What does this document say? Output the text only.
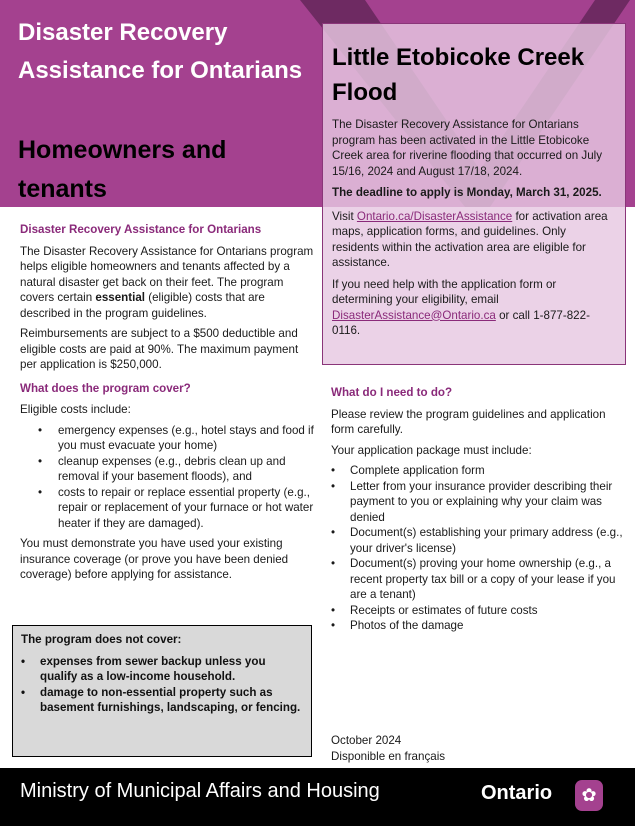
Disaster Recovery Assistance for Ontarians
Homeowners and tenants
Little Etobicoke Creek Flood

The Disaster Recovery Assistance for Ontarians program has been activated in the Little Etobicoke Creek area for riverine flooding that occurred on July 15/16, 2024 and August 17/18, 2024.

The deadline to apply is Monday, March 31, 2025.

Visit Ontario.ca/DisasterAssistance for activation area maps, application forms, and guidelines. Only residents within the activation area are eligible for assistance.

If you need help with the application form or determining your eligibility, email DisasterAssistance@Ontario.ca or call 1-877-822-0116.

Disaster Recovery Assistance for Ontarians

The Disaster Recovery Assistance for Ontarians program helps eligible homeowners and tenants affected by a natural disaster get back on their feet. The program covers certain essential (eligible) costs that are described in the program guidelines.

Reimbursements are subject to a $500 deductible and eligible costs are paid at 90%. The maximum payment per application is $250,000.

What does the program cover?

Eligible costs include:

• emergency expenses (e.g., hotel stays and food if you must evacuate your home)
• cleanup expenses (e.g., debris clean up and removal if your basement floods), and
• costs to repair or replace essential property (e.g., repair or replacement of your furnace or hot water heater if they are damaged).

You must demonstrate you have used your existing insurance coverage (or prove you have been denied coverage) before applying for assistance.

The program does not cover:

• expenses from sewer backup unless you qualify as a low-income household.
• damage to non-essential property such as basement furnishings, landscaping, or fencing.
What do I need to do?

Please review the program guidelines and application form carefully.

Your application package must include:

• Complete application form
• Letter from your insurance provider describing their payment to you or explaining why your claim was denied
• Document(s) establishing your primary address (e.g., your driver's license)
• Document(s) proving your home ownership (e.g., a recent property tax bill or a copy of your lease if you are a tenant)
• Receipts or estimates of future costs
• Photos of the damage
October 2024
Disponible en français
Ministry of Municipal Affairs and Housing	Ontario	✿
